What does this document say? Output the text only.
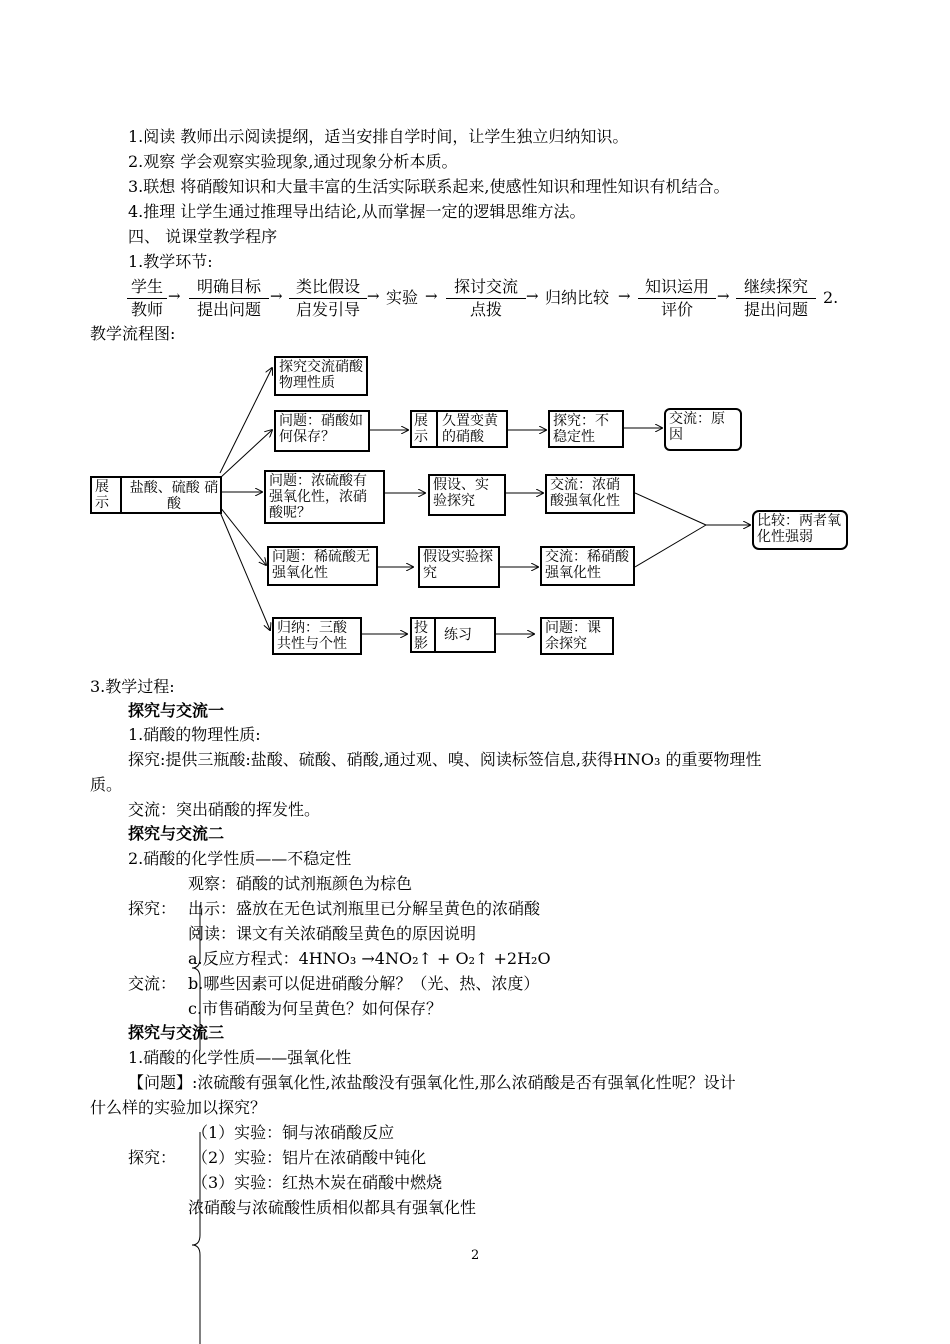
1.阅读 教师出示阅读提纲，适当安排自学时间，让学生独立归纳知识。
2.观察 学会观察实验现象,通过现象分析本质。
3.联想 将硝酸知识和大量丰富的生活实际联系起来,使感性知识和理性知识有机结合。
4.推理 让学生通过推理导出结论,从而掌握一定的逻辑思维方法。
四、 说课堂教学程序
1.教学环节:
学生
教师
→	明确目标
提出问题
→ 类比假设
启发引导
→ 实验 →	探讨交流
点拨
→ 归纳比较 → 知识运用
评价
→ 继续探究
提出问题
2.
教学流程图:
展示
盐酸、硫酸 硝酸
探究交流硝酸物理性质
问题：硝酸如何保存？
展示
久置变黄的硝酸
探究：不稳定性
交流：原因
问题：浓硫酸有强氧化性，浓硝酸呢？
假设、实验探究
交流：浓硝酸强氧化性
问题：稀硫酸无强氧化性
假设实验探究
交流：稀硝酸强氧化性
比较：两者氧化性强弱
归纳：三酸共性与个性
投影
练习	问题：课余探究
3.教学过程:
探究与交流一
1.硝酸的物理性质:
探究:提供三瓶酸:盐酸、硫酸、硝酸,通过观、嗅、阅读标签信息,获得HNO₃ 的重要物理性
质。
交流：突出硝酸的挥发性。
探究与交流二
2.硝酸的化学性质——不稳定性
观察：硝酸的试剂瓶颜色为棕色
探究： 出示：盛放在无色试剂瓶里已分解呈黄色的浓硝酸
阅读：课文有关浓硝酸呈黄色的原因说明
a.反应方程式：4HNO₃ →4NO₂↑ + O₂↑ +2H₂O
交流： b.哪些因素可以促进硝酸分解？（光、热、浓度）
c.市售硝酸为何呈黄色？如何保存？
探究与交流三
1.硝酸的化学性质——强氧化性
【问题】:浓硫酸有强氧化性,浓盐酸没有强氧化性,那么浓硝酸是否有强氧化性呢？设计
什么样的实验加以探究？
（1）实验：铜与浓硝酸反应
探究： （2）实验：铝片在浓硝酸中钝化
（3）实验：红热木炭在硝酸中燃烧
浓硝酸与浓硫酸性质相似都具有强氧化性
2
